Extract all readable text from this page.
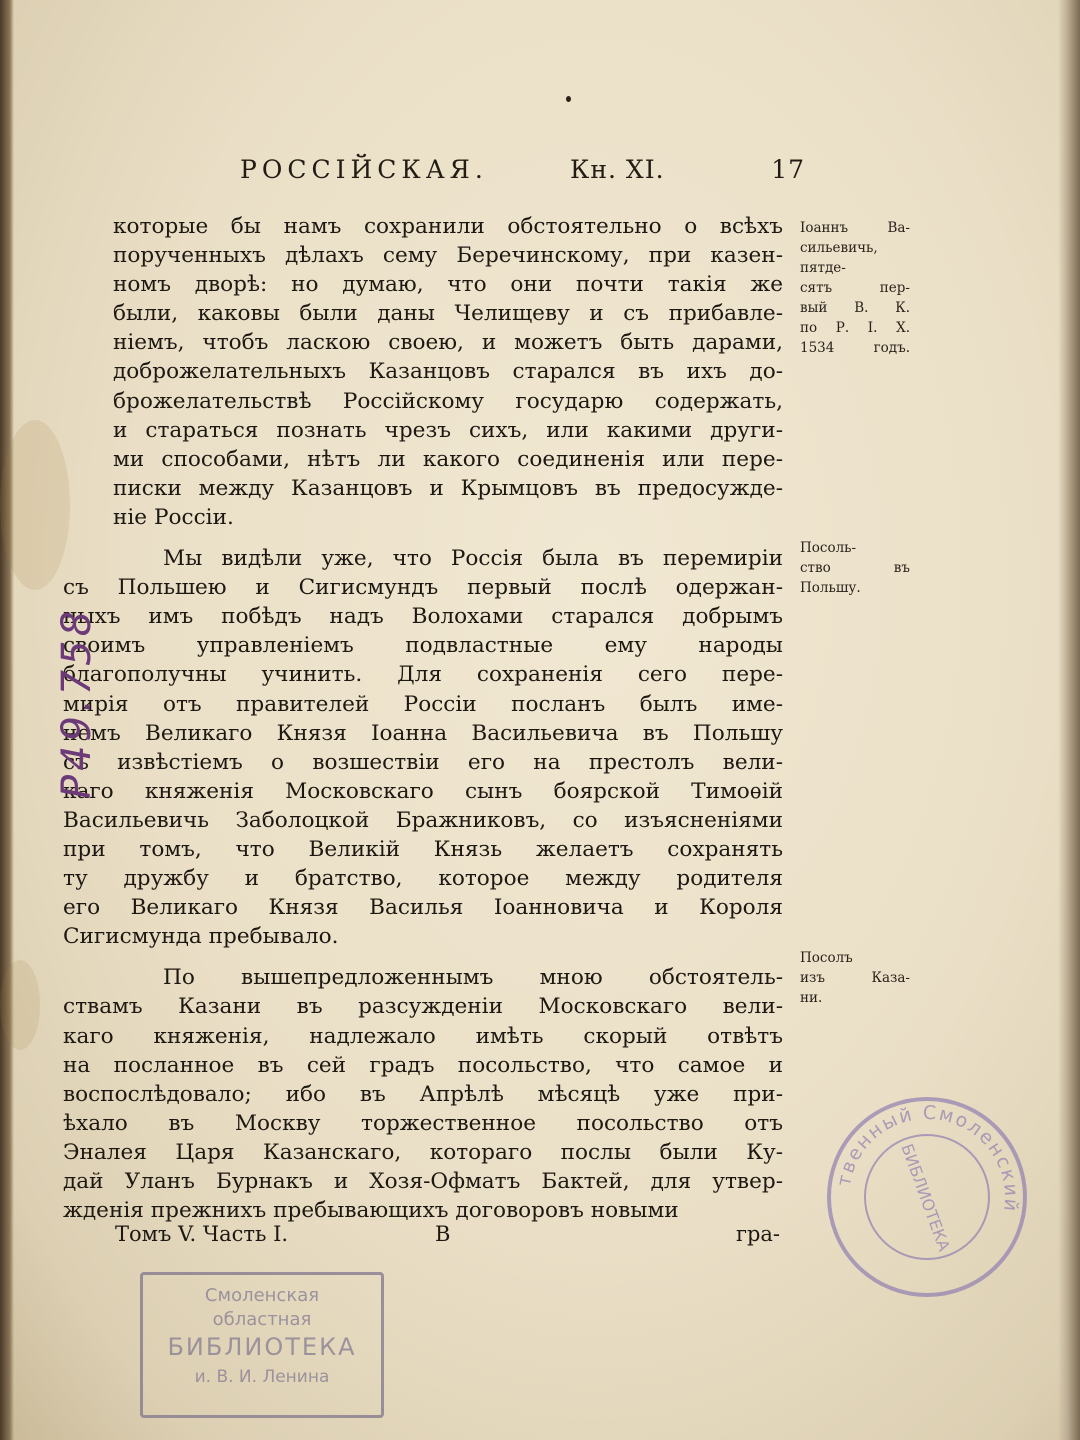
РОССІЙСКАЯ.	Кн. XI.	17

которые бы намъ сохранили обстоятельно о всѣхъ
порученныхъ дѣлахъ сему Беречинскому, при казен-
номъ дворѣ: но думаю, что они почти такія же
были, каковы были даны Челищеву и съ прибавле-
ніемъ, чтобъ ласкою своею, и можетъ быть дарами,
доброжелательныхъ Казанцовъ старался въ ихъ до-
брожелательствѣ Россійскому государю содержать,
и стараться познать чрезъ сихъ, или какими други-
ми способами, нѣтъ ли какого соединенія или пере-
писки между Казанцовъ и Крымцовъ въ предосужде-
ніе Россіи.

Мы видѣли уже, что Россія была въ перемиріи
съ Польшею и Сигисмундъ первый послѣ одержан-
ныхъ имъ побѣдъ надъ Волохами старался добрымъ
своимъ управленіемъ подвластные ему народы
благополучны учинить. Для сохраненія сего пере-
мирія отъ правителей Россіи посланъ былъ име-
немъ Великаго Князя Іоанна Васильевича въ Польшу
съ извѣстіемъ о возшествіи его на престолъ вели-
каго княженія Московскаго сынъ боярской Тимоѳій
Васильевичь Заболоцкой Бражниковъ, со изъясненіями
при томъ, что Великій Князь желаетъ сохранять
ту дружбу и братство, которое между родителя
его Великаго Князя Василья Іоанновича и Короля
Сигисмунда пребывало.

По вышепредложеннымъ мною обстоятель-
ствамъ Казани въ разсужденіи Московскаго вели-
каго княженія, надлежало имѣть скорый отвѣтъ
на посланное въ сей градъ посольство, что самое и
воспослѣдовало; ибо въ Апрѣлѣ мѣсяцѣ уже при-
ѣхало въ Москву торжественное посольство отъ
Эналея Царя Казанскаго, котораго послы были Ку-
дай Уланъ Бурнакъ и Хозя-Офматъ Бактей, для утвер-
жденія прежнихъ пребывающихъ договоровъ новыми

Іоаннъ Ва-
сильевичь,
пятде-
сятъ пер-
вый В. К.
по Р. І. Х.
1534 годъ.
Посоль-
ство въ
Польшу.
Посолъ
изъ Каза-
ни.
Томъ V. Часть І.	В	гра-
Р49.758
Смоленская
областная
БИБЛИОТЕКА
и. В. И. Ленина
твенный Смоленский
БИБЛИОТЕКА
